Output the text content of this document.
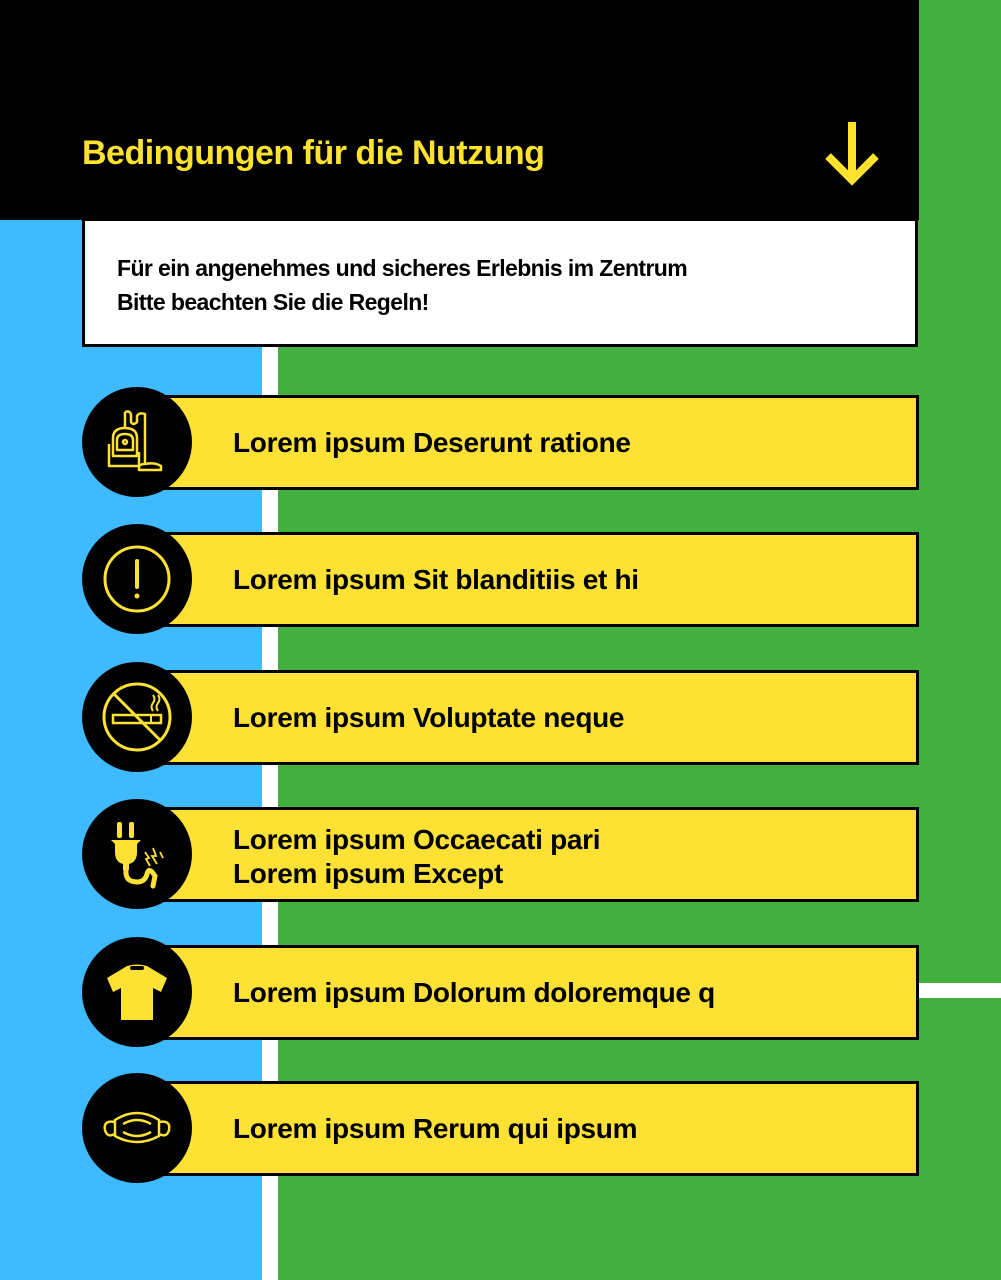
Bedingungen für die Nutzung
Für ein angenehmes und sicheres Erlebnis im Zentrum
Bitte beachten Sie die Regeln!
Lorem ipsum Deserunt ratione
Lorem ipsum Sit blanditiis et hi
Lorem ipsum Voluptate neque
Lorem ipsum Occaecati pari
Lorem ipsum Except
Lorem ipsum Dolorum doloremque q
Lorem ipsum Rerum qui ipsum
